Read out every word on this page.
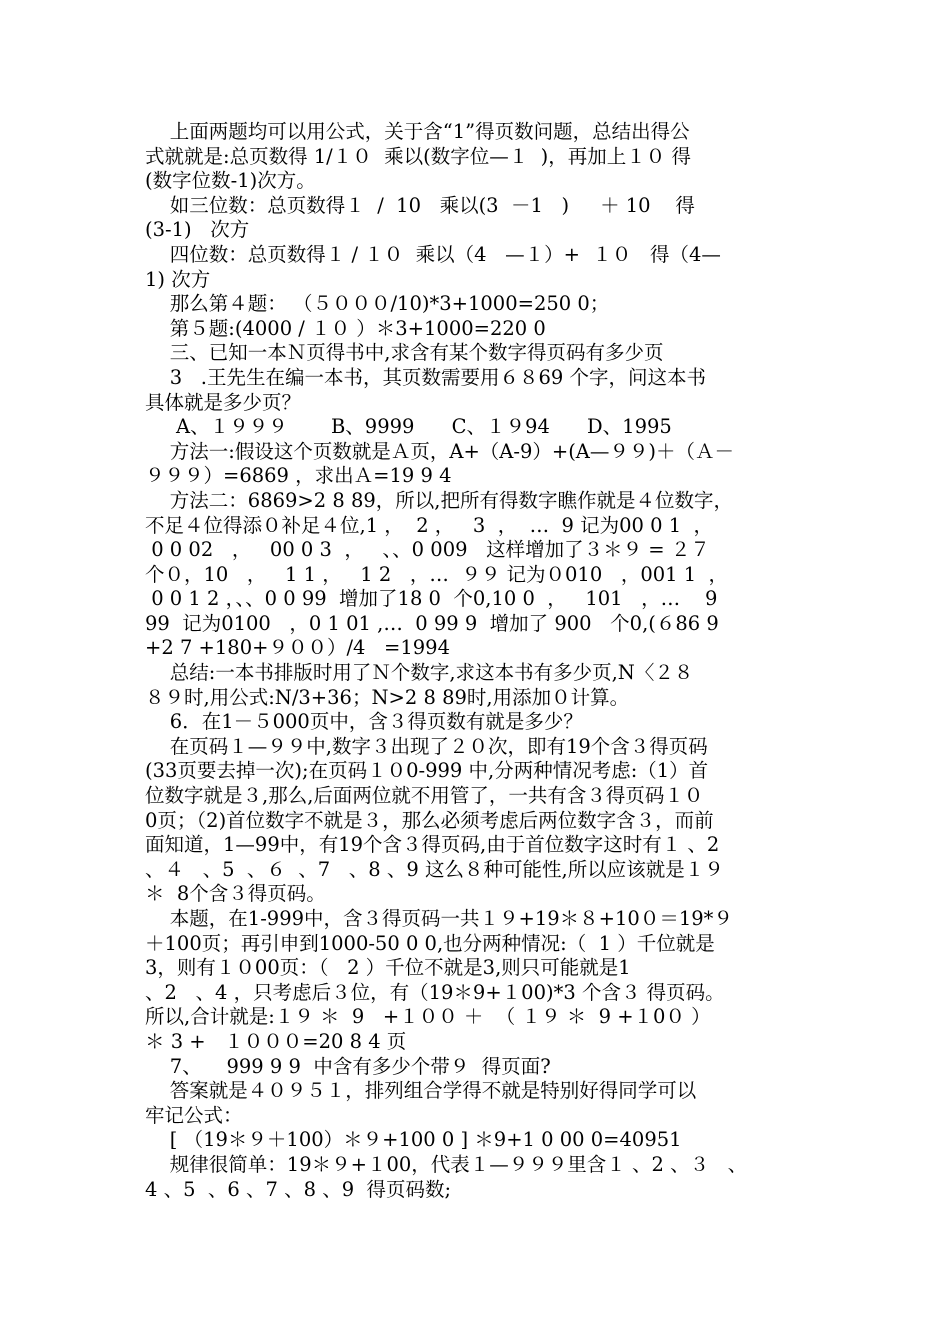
上面两题均可以用公式，关于含“1”得页数问题，总结出得公
式就就是:总页数得 1/１０  乘以(数字位—１  )，再加上１０ 得
(数字位数-1)次方。
如三位数：总页数得１  /  10   乘以(3  －1   )     ＋ 10    得
(3-1)   次方
四位数：总页数得１ / １０  乘以（4   —１）+  １０   得（4—
1) 次方
那么第４题： （５０００/10)*3+1000=250 0；
第５题:(4000 / １０ ）＊3+1000=220 0
三、已知一本Ｎ页得书中,求含有某个数字得页码有多少页
3   .王先生在编一本书，其页数需要用６８69 个字，问这本书
具体就是多少页？
A、１９９９       B、9999      C、１９94      D、1995
方法一:假设这个页数就是Ａ页，A+（A-9）+(A—９９)＋（Ａ－
９９９）=6869 ，求出Ａ=19 9 4
方法二：6869>2 8 89，所以,把所有得数字瞧作就是４位数字，
不足４位得添０补足４位,1 ，  2 ，   3  ，  …  9 记为00 0 1  ，
0 0 02   ，   00 0 3  ，   、、0 009   这样增加了３＊９ = ２７
个０，10   ，   1 1 ，   1 2   ，…  ９９ 记为０010   ，001 1  ，
0 0 1 2 ，、、0 0 99  增加了18 0  个0,10 0  ，   101   ，…    9
99  记为0100   ，0 1 01 ,…  0 99 9  增加了 900   个0,(６86 9
+2 7 +180+９００）/4   =1994
总结:一本书排版时用了Ｎ个数字,求这本书有多少页,N〈２８
８９时,用公式:N/3+36；N>2 8 89时,用添加０计算。
6．在1－５000页中，含３得页数有就是多少？
在页码１—９９中,数字３出现了２０次，即有19个含３得页码
(33页要去掉一次);在页码１０0-999 中,分两种情况考虑:（1）首
位数字就是３,那么,后面两位就不用管了，一共有含３得页码１０
0页；（2)首位数字不就是３，那么必须考虑后两位数字含３，而前
面知道，1—99中，有19个含３得页码,由于首位数字这时有１ 、2
、４   、5  、６  、7   、8 、9 这么８种可能性,所以应该就是１９
＊  8个含３得页码。
本题，在1-999中，含３得页码一共１９+19＊８+10０＝19*９
＋100页；再引申到1000-50 0 0,也分两种情况:（  1 ）千位就是
3，则有１０00页：（   2 ）千位不就是3,则只可能就是1
、2   、4 ，只考虑后３位，有（19＊9+１00)*3 个含３ 得页码。
所以,合计就是:１９ ＊  9   +１００ ＋  （ １９ ＊  9 +１0０ ）
＊ 3 +   １０００=20 8 4 页
7、    999 9 9  中含有多少个带９  得页面?
答案就是４０９５１，排列组合学得不就是特别好得同学可以
牢记公式：
[ （19＊９＋100）＊９+100 0 ] ＊9+1 0 00 0=40951
规律很简单：19＊９+１00，代表１—９９９里含１ 、2 、３   、
4 、5  、6 、7 、8 、9  得页码数;
